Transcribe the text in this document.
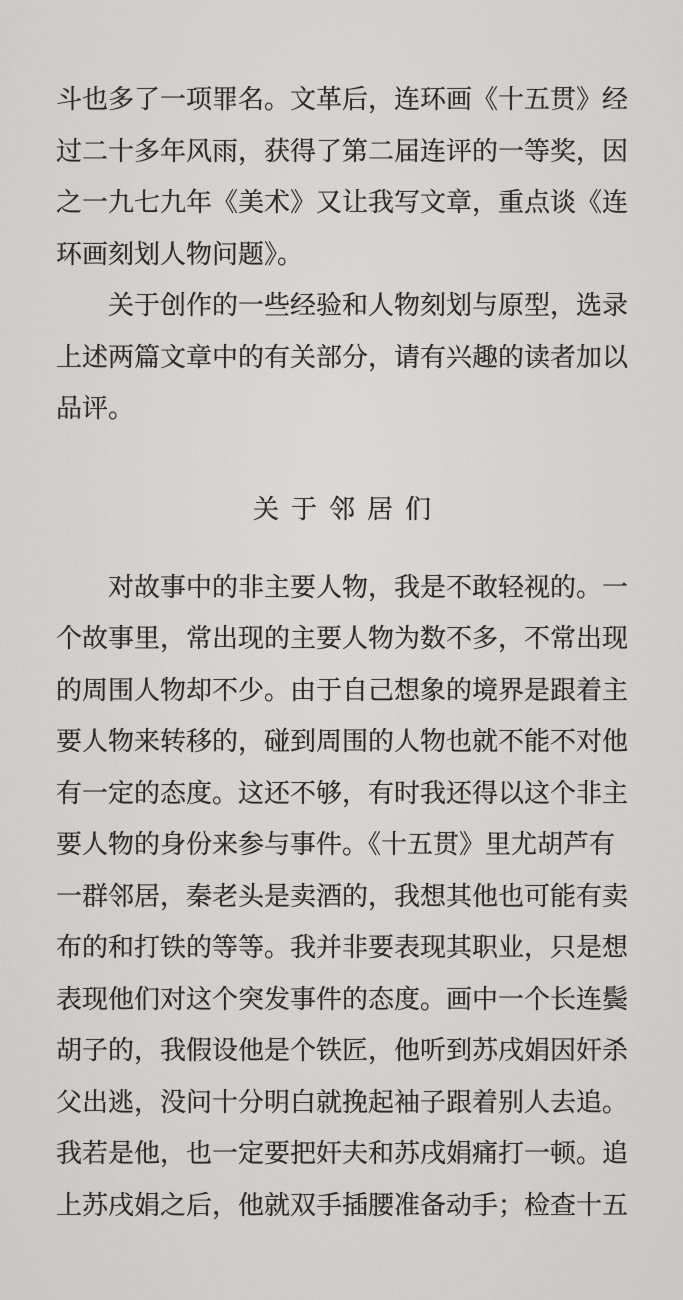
斗也多了一项罪名。文革后，连环画《十五贯》经
过二十多年风雨，获得了第二届连评的一等奖，因
之一九七九年《美术》又让我写文章，重点谈《连
环画刻划人物问题》。
关于创作的一些经验和人物刻划与原型，选录
上述两篇文章中的有关部分，请有兴趣的读者加以
品评。
关于邻居们
对故事中的非主要人物，我是不敢轻视的。一
个故事里，常出现的主要人物为数不多，不常出现
的周围人物却不少。由于自己想象的境界是跟着主
要人物来转移的，碰到周围的人物也就不能不对他
有一定的态度。这还不够，有时我还得以这个非主
要人物的身份来参与事件。《十五贯》里尤胡芦有
一群邻居，秦老头是卖酒的，我想其他也可能有卖
布的和打铁的等等。我并非要表现其职业，只是想
表现他们对这个突发事件的态度。画中一个长连鬓
胡子的，我假设他是个铁匠，他听到苏戌娟因奸杀
父出逃，没问十分明白就挽起袖子跟着别人去追。
我若是他，也一定要把奸夫和苏戌娟痛打一顿。追
上苏戌娟之后，他就双手插腰准备动手；检查十五
